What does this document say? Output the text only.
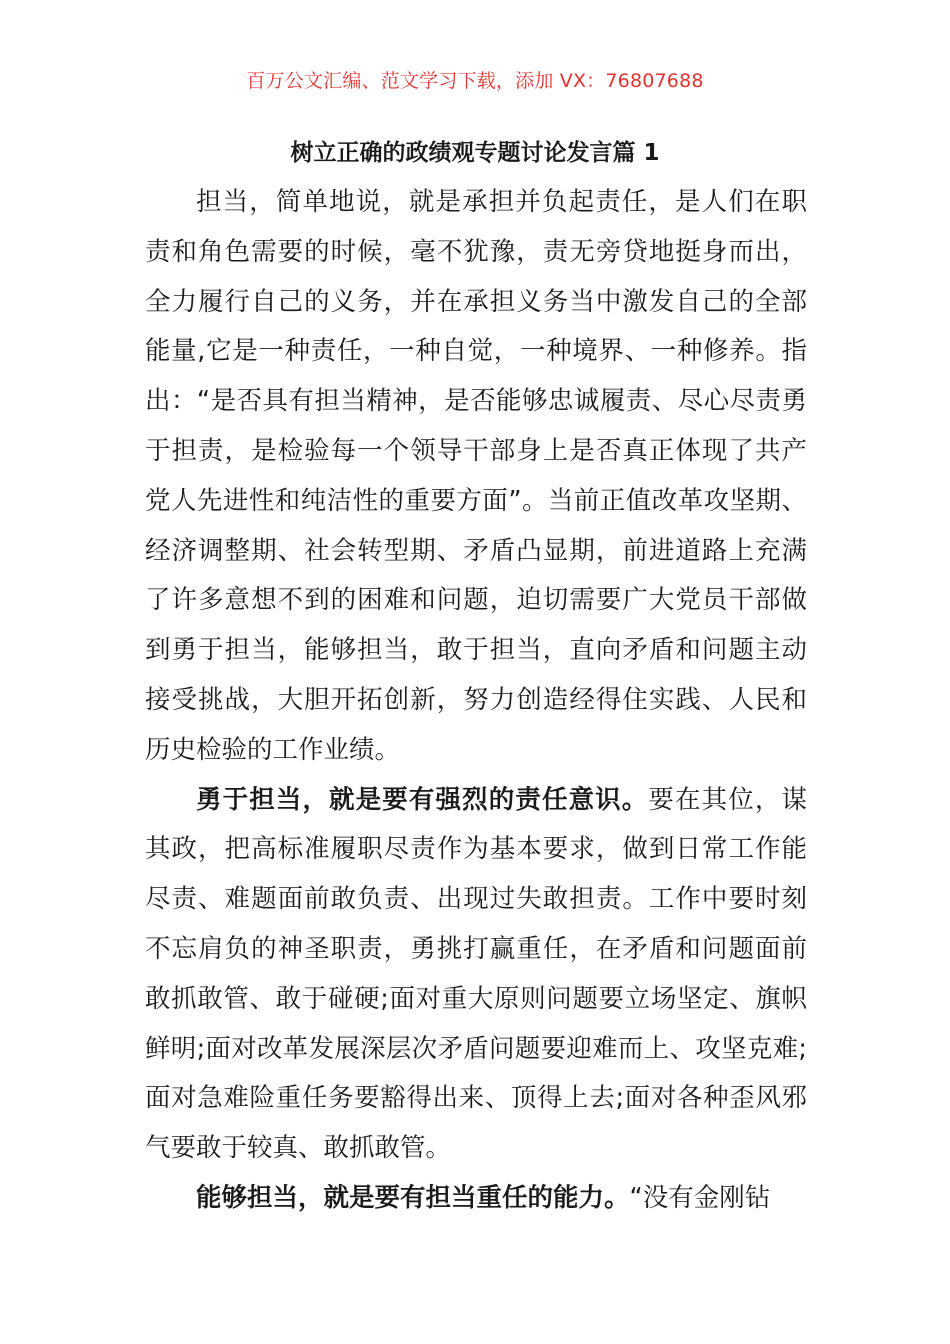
百万公文汇编、范文学习下载，添加 VX：76807688
树立正确的政绩观专题讨论发言篇 1

担当，简单地说，就是承担并负起责任，是人们在职责和角色需要的时候，毫不犹豫，责无旁贷地挺身而出，全力履行自己的义务，并在承担义务当中激发自己的全部能量,它是一种责任，一种自觉，一种境界、一种修养。指出：“是否具有担当精神，是否能够忠诚履责、尽心尽责勇于担责，是检验每一个领导干部身上是否真正体现了共产党人先进性和纯洁性的重要方面”。当前正值改革攻坚期、经济调整期、社会转型期、矛盾凸显期，前进道路上充满了许多意想不到的困难和问题，迫切需要广大党员干部做到勇于担当，能够担当，敢于担当，直向矛盾和问题主动接受挑战，大胆开拓创新，努力创造经得住实践、人民和历史检验的工作业绩。

勇于担当，就是要有强烈的责任意识。要在其位，谋其政，把高标准履职尽责作为基本要求，做到日常工作能尽责、难题面前敢负责、出现过失敢担责。工作中要时刻不忘肩负的神圣职责，勇挑打赢重任，在矛盾和问题面前敢抓敢管、敢于碰硬;面对重大原则问题要立场坚定、旗帜鲜明;面对改革发展深层次矛盾问题要迎难而上、攻坚克难;面对急难险重任务要豁得出来、顶得上去;面对各种歪风邪气要敢于较真、敢抓敢管。

能够担当，就是要有担当重任的能力。“没有金刚钻
